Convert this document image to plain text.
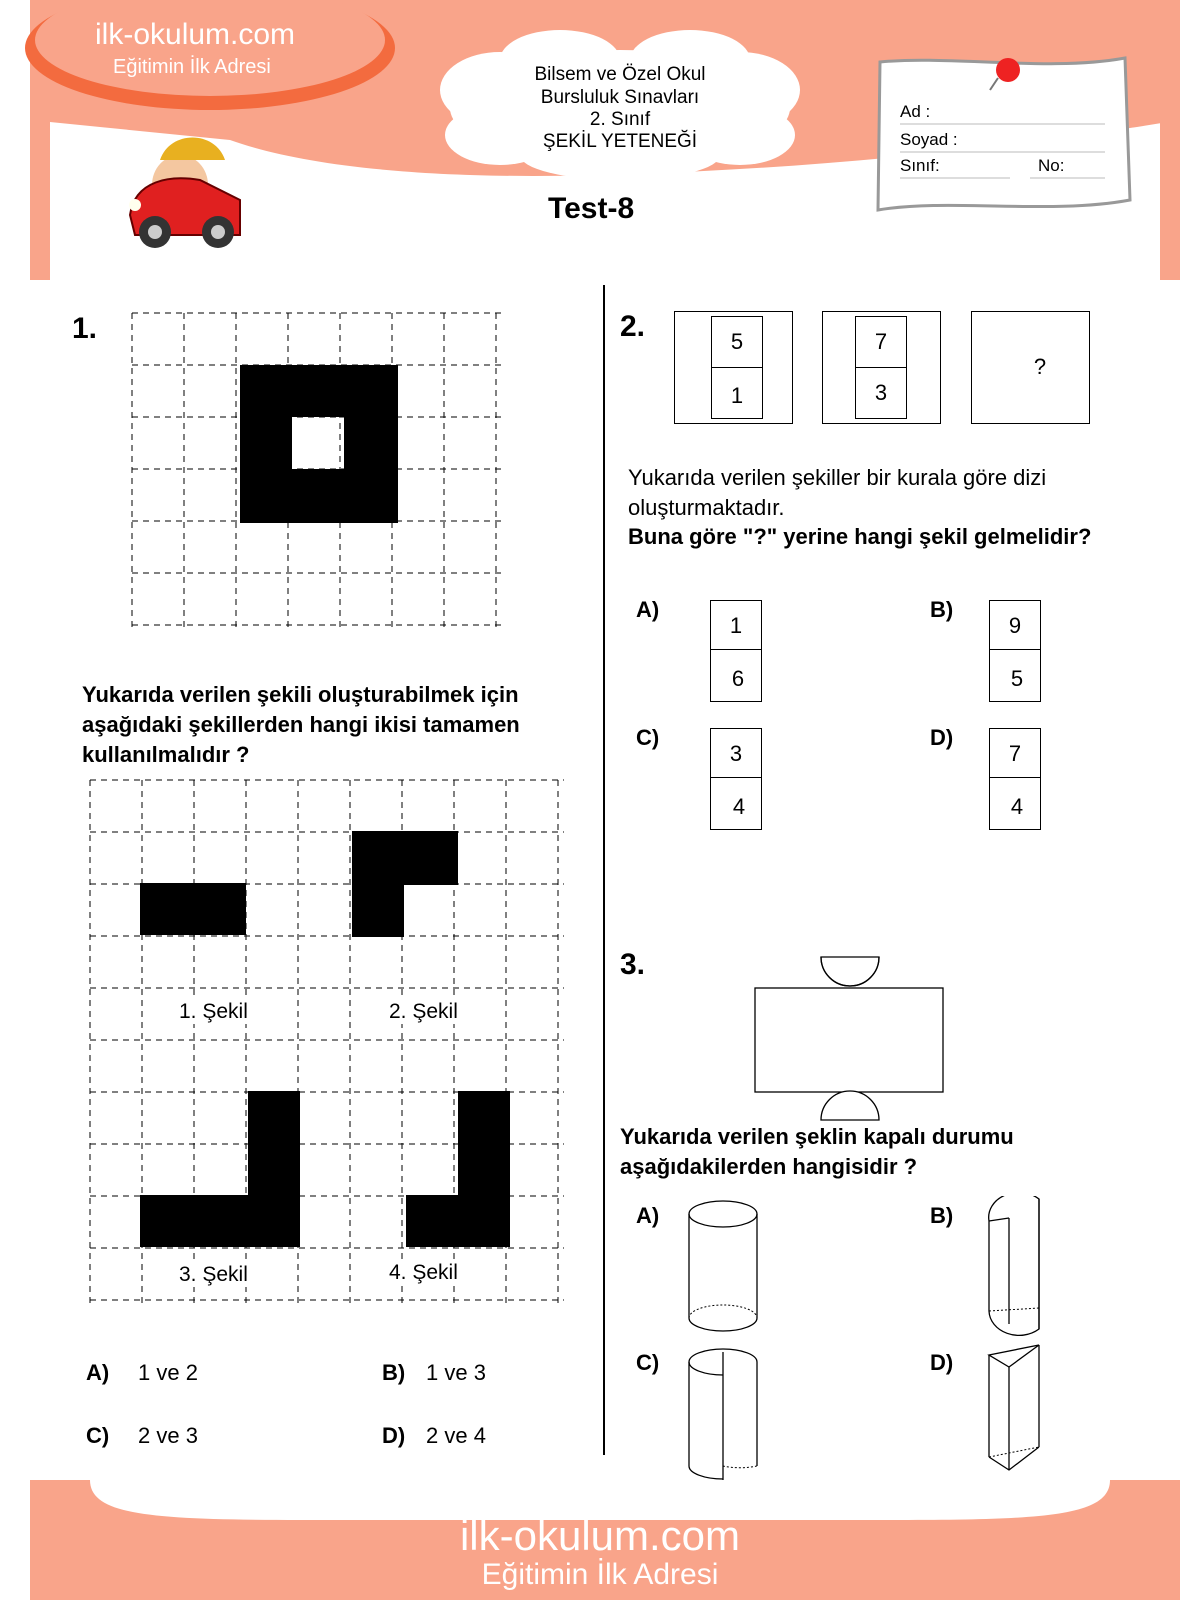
ilk-okulum.com
Eğitimin İlk Adresi	Bilsem ve Özel Okul
Bursluluk Sınavları
2. Sınıf
ŞEKİL YETENEĞİ
Test-8
Ad :
Soyad :
Sınıf:	No:
1.
Yukarıda verilen şekili oluşturabilmek için aşağıdaki şekillerden hangi ikisi tamamen kullanılmalıdır ?
1. Şekil	2. Şekil
3. Şekil	4. Şekil
A) 1 ve 2	B) 1 ve 3
C) 2 ve 3	D) 2 ve 4
2.	5
1
7
3
?
Yukarıda verilen şekiller bir kurala göre dizi oluşturmaktadır.
Buna göre "?" yerine hangi şekil gelmelidir?
A)
1
6
B)
9
5
C)
3
4
D)
7
4
3.
Yukarıda verilen şeklin kapalı durumu aşağıdakilerden hangisidir ?
A)	B)
C)	D)
ilk-okulum.com
Eğitimin İlk Adresi
